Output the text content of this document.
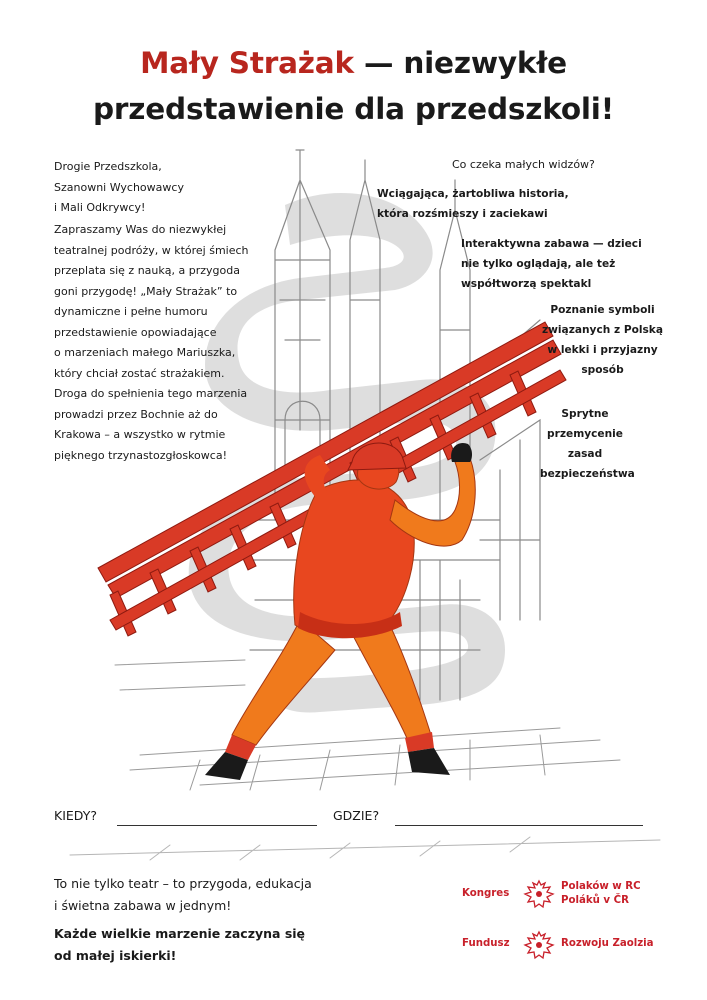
Mały Strażak — niezwykłe
przedstawienie dla przedszkoli!
Drogie Przedszkola,
Szanowni Wychowawcy
i Mali Odkrywcy!
Zapraszamy Was do niezwykłej
teatralnej podróży, w której śmiech
przeplata się z nauką, a przygoda
goni przygodę! „Mały Strażak” to
dynamiczne i pełne humoru
przedstawienie opowiadające
o marzeniach małego Mariuszka,
który chciał zostać strażakiem.
Droga do spełnienia tego marzenia
prowadzi przez Bochnie aż do
Krakowa – a wszystko w rytmie
pięknego trzynastozgłoskowca!
Co czeka małych widzów?
Wciągająca, żartobliwa historia,
która rozśmieszy i zaciekawi
Interaktywna zabawa — dzieci
nie tylko oglądają, ale też
współtworzą spektakl
Poznanie symboli
związanych z Polską
w lekki i przyjazny
sposób
Sprytne
przemycenie zasad
bezpieczeństwa
KIEDY?	GDZIE?
To nie tylko teatr – to przygoda, edukacja
i świetna zabawa w jednym!
Każde wielkie marzenie zaczyna się
od małej iskierki!
Kongres
Polaków w RC
Poláků v ČR
Fundusz	Rozwoju Zaolzia
